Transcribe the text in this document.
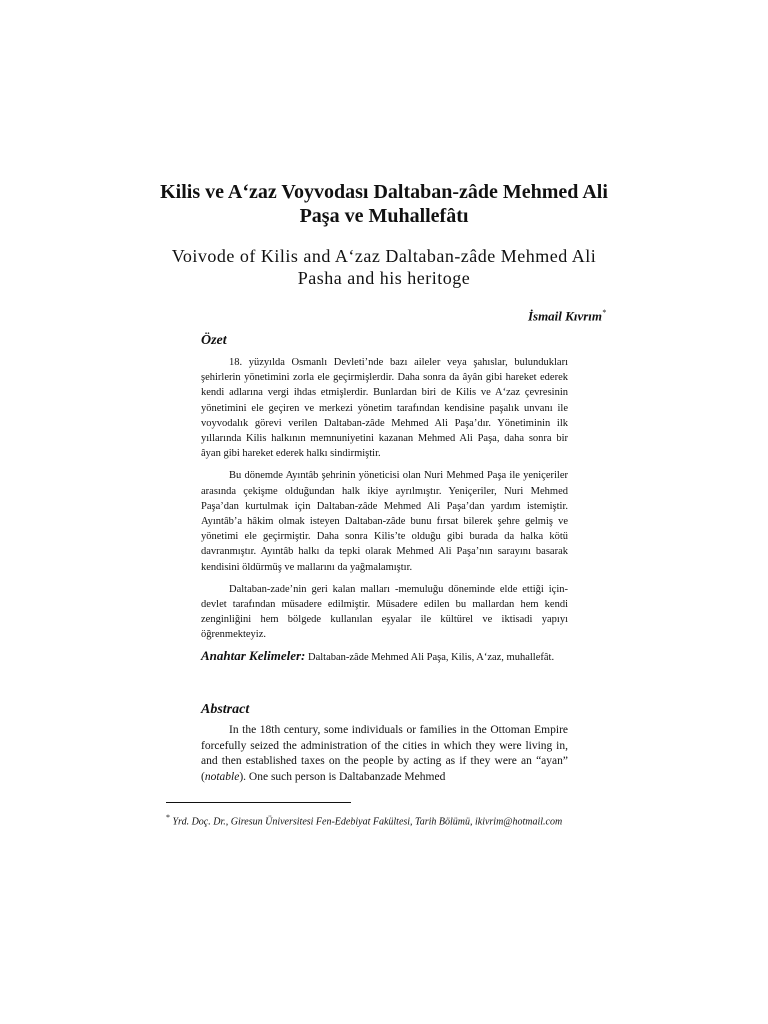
Kilis ve A‘zaz Voyvodası Daltaban-zâde Mehmed Ali Paşa ve Muhallefâtı
Voivode of Kilis and A‘zaz Daltaban-zâde Mehmed Ali Pasha and his heritoge
İsmail Kıvrım*
Özet

18. yüzyılda Osmanlı Devleti’nde bazı aileler veya şahıslar, bulundukları şehirlerin yönetimini zorla ele geçirmişlerdir. Daha sonra da âyân gibi hareket ederek kendi adlarına vergi ihdas etmişlerdir. Bunlardan biri de Kilis ve A‘zaz çevresinin yönetimini ele geçiren ve merkezi yönetim tarafından kendisine paşalık unvanı ile voyvodalık görevi verilen Daltaban-zâde Mehmed Ali Paşa’dır. Yönetiminin ilk yıllarında Kilis halkının memnuniyetini kazanan Mehmed Ali Paşa, daha sonra bir âyan gibi hareket ederek halkı sindirmiştir.

Bu dönemde Ayıntâb şehrinin yöneticisi olan Nuri Mehmed Paşa ile yeniçeriler arasında çekişme olduğundan halk ikiye ayrılmıştır. Yeniçeriler, Nuri Mehmed Paşa’dan kurtulmak için Daltaban-zâde Mehmed Ali Paşa’dan yardım istemiştir. Ayıntâb’a hâkim olmak isteyen Daltaban-zâde bunu fırsat bilerek şehre gelmiş ve yönetimi ele geçirmiştir. Daha sonra Kilis’te olduğu gibi burada da halka kötü davranmıştır. Ayıntâb halkı da tepki olarak Mehmed Ali Paşa’nın sarayını basarak kendisini öldürmüş ve mallarını da yağmalamıştır.

Daltaban-zade’nin geri kalan malları -memuluğu döneminde elde ettiği için- devlet tarafından müsadere edilmiştir. Müsadere edilen bu mallardan hem kendi zenginliğini hem bölgede kullanılan eşyalar ile kültürel ve iktisadi yapıyı öğrenmekteyiz.

Anahtar Kelimeler: Daltaban-zâde Mehmed Ali Paşa, Kilis, A‘zaz, muhallefât.
Abstract

In the 18th century, some individuals or families in the Ottoman Empire forcefully seized the administration of the cities in which they were living in, and then established taxes on the people by acting as if they were an “ayan” (notable). One such person is Daltabanzade Mehmed

* Yrd. Doç. Dr., Giresun Üniversitesi Fen-Edebiyat Fakültesi, Tarih Bölümü, ikivrim@hotmail.com
